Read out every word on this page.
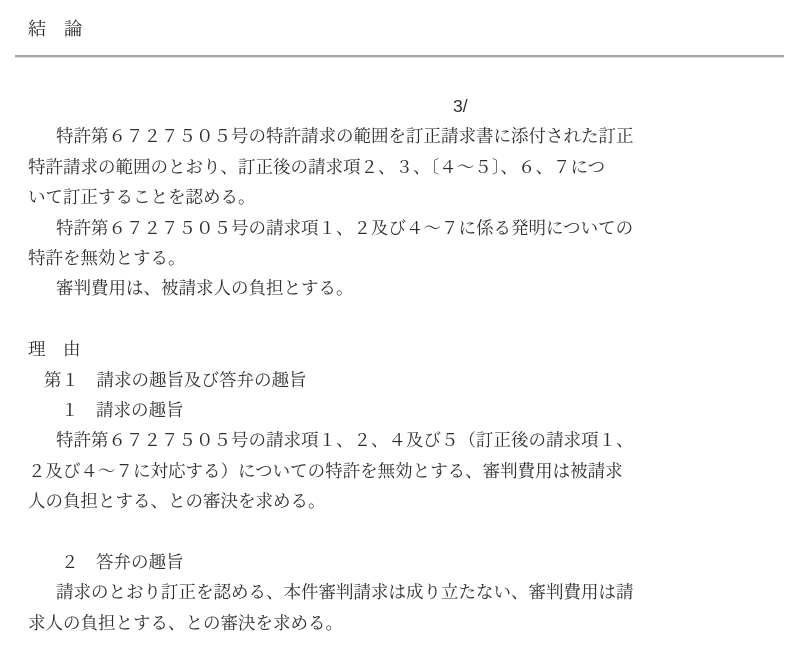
結　論
3/
特許第６７２７５０５号の特許請求の範囲を訂正請求書に添付された訂正
特許請求の範囲のとおり、訂正後の請求項２、３、〔４～５〕、６、７につ
いて訂正することを認める。
特許第６７２７５０５号の請求項１、２及び４～７に係る発明についての
特許を無効とする。
審判費用は、被請求人の負担とする。
理　由
第１　請求の趣旨及び答弁の趣旨
１　請求の趣旨
特許第６７２７５０５号の請求項１、２、４及び５（訂正後の請求項１、
２及び４～７に対応する）についての特許を無効とする、審判費用は被請求
人の負担とする、との審決を求める。
２　答弁の趣旨
請求のとおり訂正を認める、本件審判請求は成り立たない、審判費用は請
求人の負担とする、との審決を求める。
